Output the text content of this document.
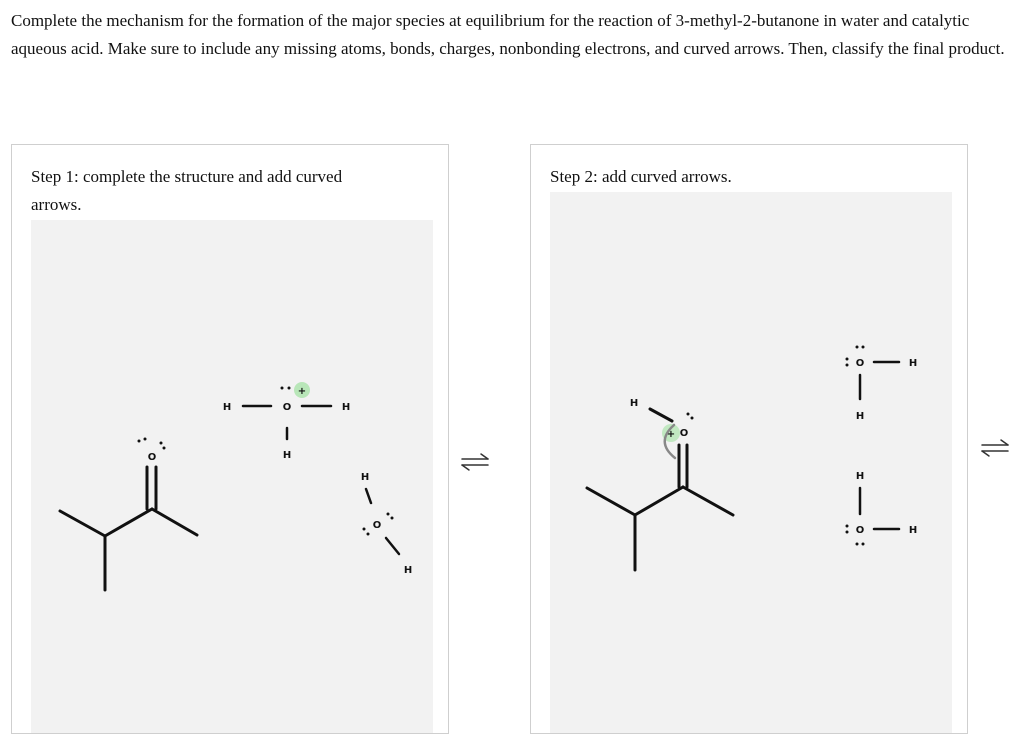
Complete the mechanism for the formation of the major species at equilibrium for the reaction of 3-methyl-2-butanone in water and catalytic aqueous acid. Make sure to include any missing atoms, bonds, charges, nonbonding electrons, and curved arrows. Then, classify the final product.

Step 1: complete the structure and add curved arrows.

O
+
H	O	H
H
H
O
H

Step 2: add curved arrows.

H
O
+
O	H
H
H
O	H
